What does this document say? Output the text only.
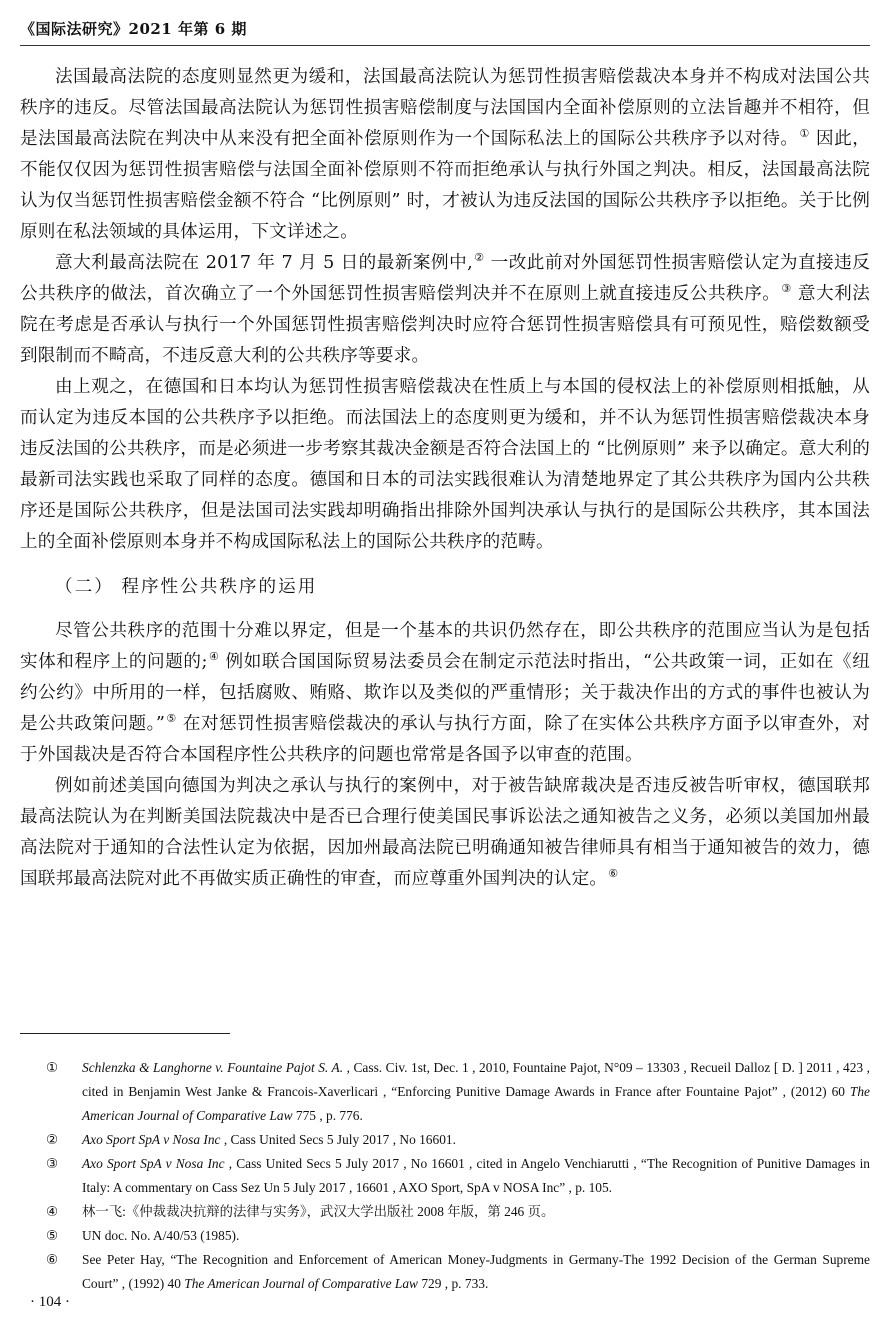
《国际法研究》2021 年第 6 期

法国最高法院的态度则显然更为缓和，法国最高法院认为惩罚性损害赔偿裁决本身并不构成对法国公共秩序的违反。尽管法国最高法院认为惩罚性损害赔偿制度与法国国内全面补偿原则的立法旨趣并不相符，但是法国最高法院在判决中从来没有把全面补偿原则作为一个国际私法上的国际公共秩序予以对待。① 因此，不能仅仅因为惩罚性损害赔偿与法国全面补偿原则不符而拒绝承认与执行外国之判决。相反，法国最高法院认为仅当惩罚性损害赔偿金额不符合 “比例原则” 时，才被认为违反法国的国际公共秩序予以拒绝。关于比例原则在私法领域的具体运用，下文详述之。

意大利最高法院在 2017 年 7 月 5 日的最新案例中,② 一改此前对外国惩罚性损害赔偿认定为直接违反公共秩序的做法，首次确立了一个外国惩罚性损害赔偿判决并不在原则上就直接违反公共秩序。③ 意大利法院在考虑是否承认与执行一个外国惩罚性损害赔偿判决时应符合惩罚性损害赔偿具有可预见性，赔偿数额受到限制而不畸高，不违反意大利的公共秩序等要求。

由上观之，在德国和日本均认为惩罚性损害赔偿裁决在性质上与本国的侵权法上的补偿原则相抵触，从而认定为违反本国的公共秩序予以拒绝。而法国法上的态度则更为缓和，并不认为惩罚性损害赔偿裁决本身违反法国的公共秩序，而是必须进一步考察其裁决金额是否符合法国上的 “比例原则” 来予以确定。意大利的最新司法实践也采取了同样的态度。德国和日本的司法实践很难认为清楚地界定了其公共秩序为国内公共秩序还是国际公共秩序，但是法国司法实践却明确指出排除外国判决承认与执行的是国际公共秩序，其本国法上的全面补偿原则本身并不构成国际私法上的国际公共秩序的范畴。

（二） 程序性公共秩序的运用

尽管公共秩序的范围十分难以界定，但是一个基本的共识仍然存在，即公共秩序的范围应当认为是包括实体和程序上的问题的;④ 例如联合国国际贸易法委员会在制定示范法时指出，“公共政策一词，正如在《纽约公约》中所用的一样，包括腐败、贿赂、欺诈以及类似的严重情形；关于裁决作出的方式的事件也被认为是公共政策问题。”⑤ 在对惩罚性损害赔偿裁决的承认与执行方面，除了在实体公共秩序方面予以审查外，对于外国裁决是否符合本国程序性公共秩序的问题也常常是各国予以审查的范围。

例如前述美国向德国为判决之承认与执行的案例中，对于被告缺席裁决是否违反被告听审权，德国联邦最高法院认为在判断美国法院裁决中是否已合理行使美国民事诉讼法之通知被告之义务，必须以美国加州最高法院对于通知的合法性认定为依据，因加州最高法院已明确通知被告律师具有相当于通知被告的效力，德国联邦最高法院对此不再做实质正确性的审查，而应尊重外国判决的认定。⑥

①	Schlenzka & Langhorne v. Fountaine Pajot S. A. , Cass. Civ. 1st, Dec. 1 , 2010, Fountaine Pajot, N°09 – 13303 , Recueil Dalloz [ D. ] 2011 , 423 , cited in Benjamin West Janke & Francois-Xaverlicari , “Enforcing Punitive Damage Awards in France after Fountaine Pajot” , (2012) 60 The American Journal of Comparative Law 775 , p. 776.
②	Axo Sport SpA v Nosa Inc , Cass United Secs 5 July 2017 , No 16601.
③	Axo Sport SpA v Nosa Inc , Cass United Secs 5 July 2017 , No 16601 , cited in Angelo Venchiarutti , “The Recognition of Punitive Damages in Italy: A commentary on Cass Sez Un 5 July 2017 , 16601 , AXO Sport, SpA v NOSA Inc” , p. 105.
④	林一飞:《仲裁裁决抗辩的法律与实务》，武汉大学出版社 2008 年版，第 246 页。
⑤	UN doc. No. A/40/53 (1985).
⑥	See Peter Hay, “The Recognition and Enforcement of American Money-Judgments in Germany-The 1992 Decision of the German Supreme Court” , (1992) 40 The American Journal of Comparative Law 729 , p. 733.
· 104 ·
